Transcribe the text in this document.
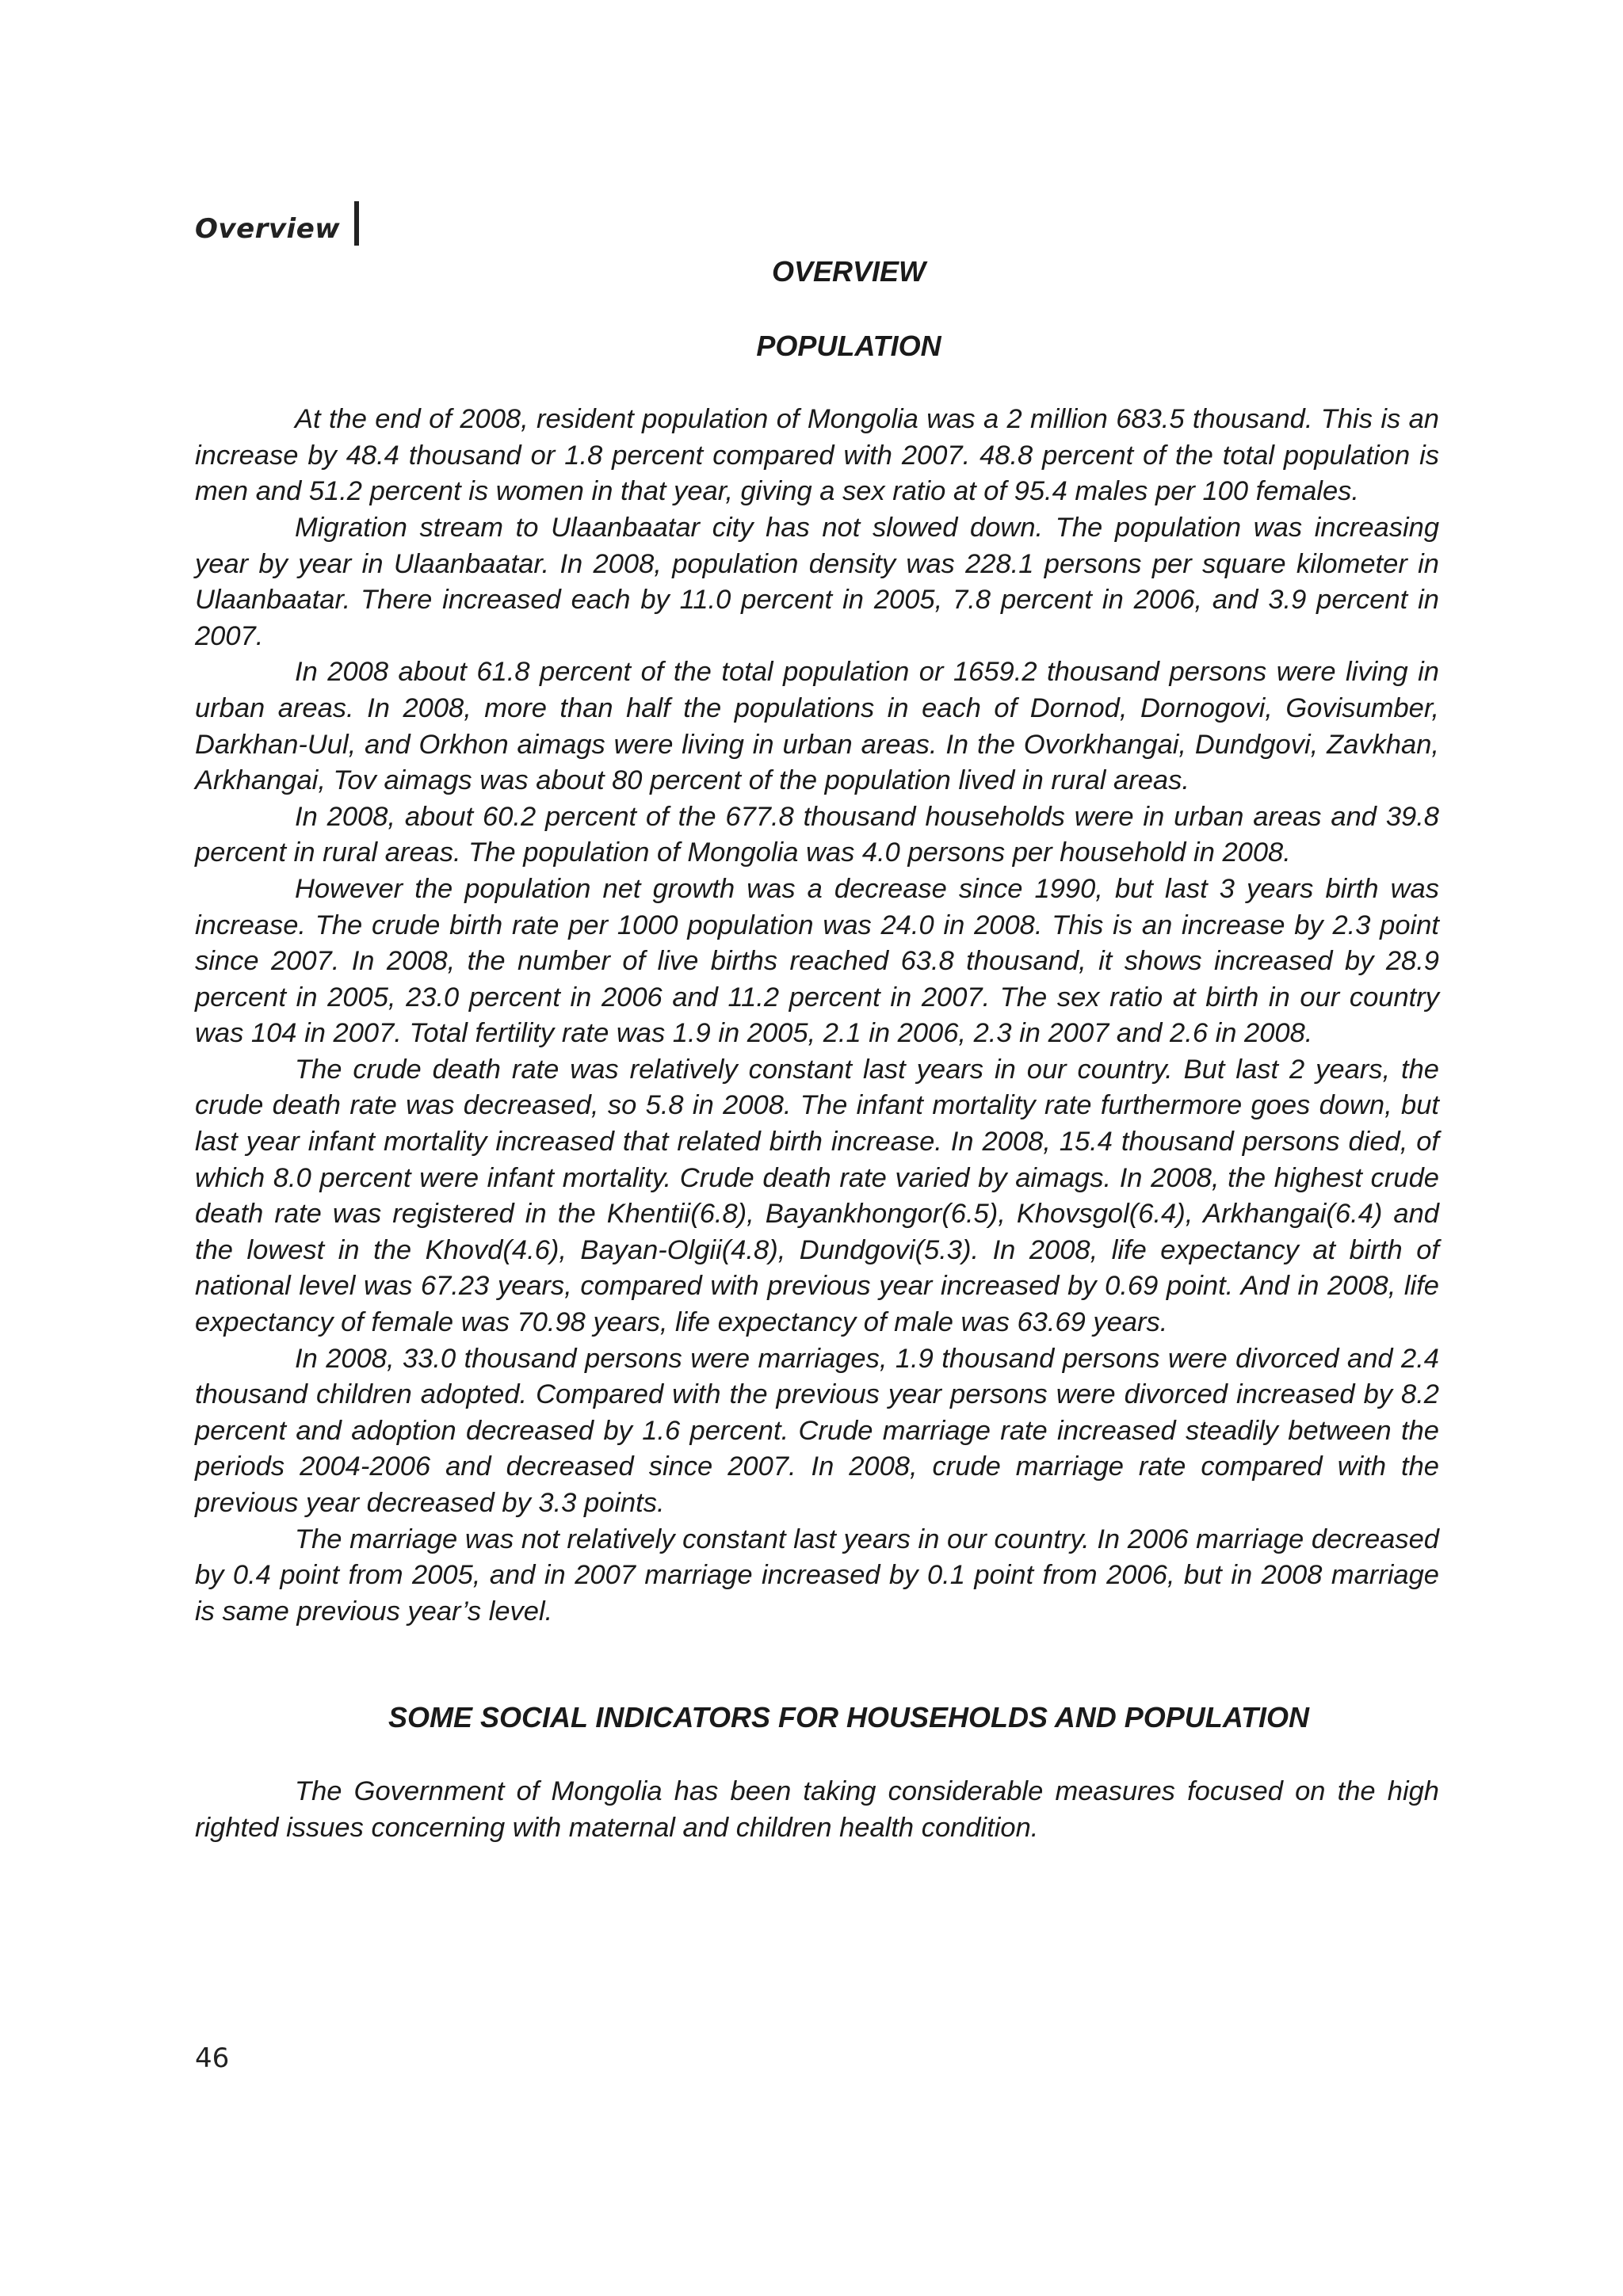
Overview
OVERVIEW
POPULATION

At the end of 2008, resident population of Mongolia was a 2 million 683.5 thousand. This is an increase by 48.4 thousand or 1.8 percent compared with 2007. 48.8 percent of the total population is men and 51.2 percent is women in that year, giving a sex ratio at of 95.4 males per 100 females.

Migration stream to Ulaanbaatar city has not slowed down. The population was increasing year by year in Ulaanbaatar. In 2008, population density was 228.1 persons per square kilometer in Ulaanbaatar. There increased each by 11.0 percent in 2005, 7.8 percent in 2006, and 3.9 percent in 2007.

In 2008 about 61.8 percent of the total population or 1659.2 thousand persons were living in urban areas. In 2008, more than half the populations in each of Dornod, Dornogovi, Govisumber, Darkhan-Uul, and Orkhon aimags were living in urban areas. In the Ovorkhangai, Dundgovi, Zavkhan, Arkhangai, Tov aimags was about 80 percent of the population lived in rural areas.

In 2008, about 60.2 percent of the 677.8 thousand households were in urban areas and 39.8 percent in rural areas. The population of Mongolia was 4.0 persons per household in 2008.

However the population net growth was a decrease since 1990, but last 3 years birth was increase. The crude birth rate per 1000 population was 24.0 in 2008. This is an increase by 2.3 point since 2007. In 2008, the number of live births reached 63.8 thousand, it shows increased by 28.9 percent in 2005, 23.0 percent in 2006 and 11.2 percent in 2007. The sex ratio at birth in our country was 104 in 2007. Total fertility rate was 1.9 in 2005, 2.1 in 2006, 2.3 in 2007 and 2.6 in 2008.

The crude death rate was relatively constant last years in our country. But last 2 years, the crude death rate was decreased, so 5.8 in 2008. The infant mortality rate furthermore goes down, but last year infant mortality increased that related birth increase. In 2008, 15.4 thousand persons died, of which 8.0 percent were infant mortality. Crude death rate varied by aimags. In 2008, the highest crude death rate was registered in the Khentii(6.8), Bayankhongor(6.5), Khovsgol(6.4), Arkhangai(6.4) and the lowest in the Khovd(4.6), Bayan-Olgii(4.8), Dundgovi(5.3). In 2008, life expectancy at birth of national level was 67.23 years, compared with previous year increased by 0.69 point. And in 2008, life expectancy of female was 70.98 years, life expectancy of male was 63.69 years.

In 2008, 33.0 thousand persons were marriages, 1.9 thousand persons were divorced and 2.4 thousand children adopted. Compared with the previous year persons were divorced increased by 8.2 percent and adoption decreased by 1.6 percent. Crude marriage rate increased steadily between the periods 2004-2006 and decreased since 2007. In 2008, crude marriage rate compared with the previous year decreased by 3.3 points.

The marriage was not relatively constant last years in our country. In 2006 marriage decreased by 0.4 point from 2005, and in 2007 marriage increased by 0.1 point from 2006, but in 2008 marriage is same previous year’s level.

SOME SOCIAL INDICATORS FOR HOUSEHOLDS AND POPULATION

The Government of Mongolia has been taking considerable measures focused on the high righted issues concerning with maternal and children health condition.

46
